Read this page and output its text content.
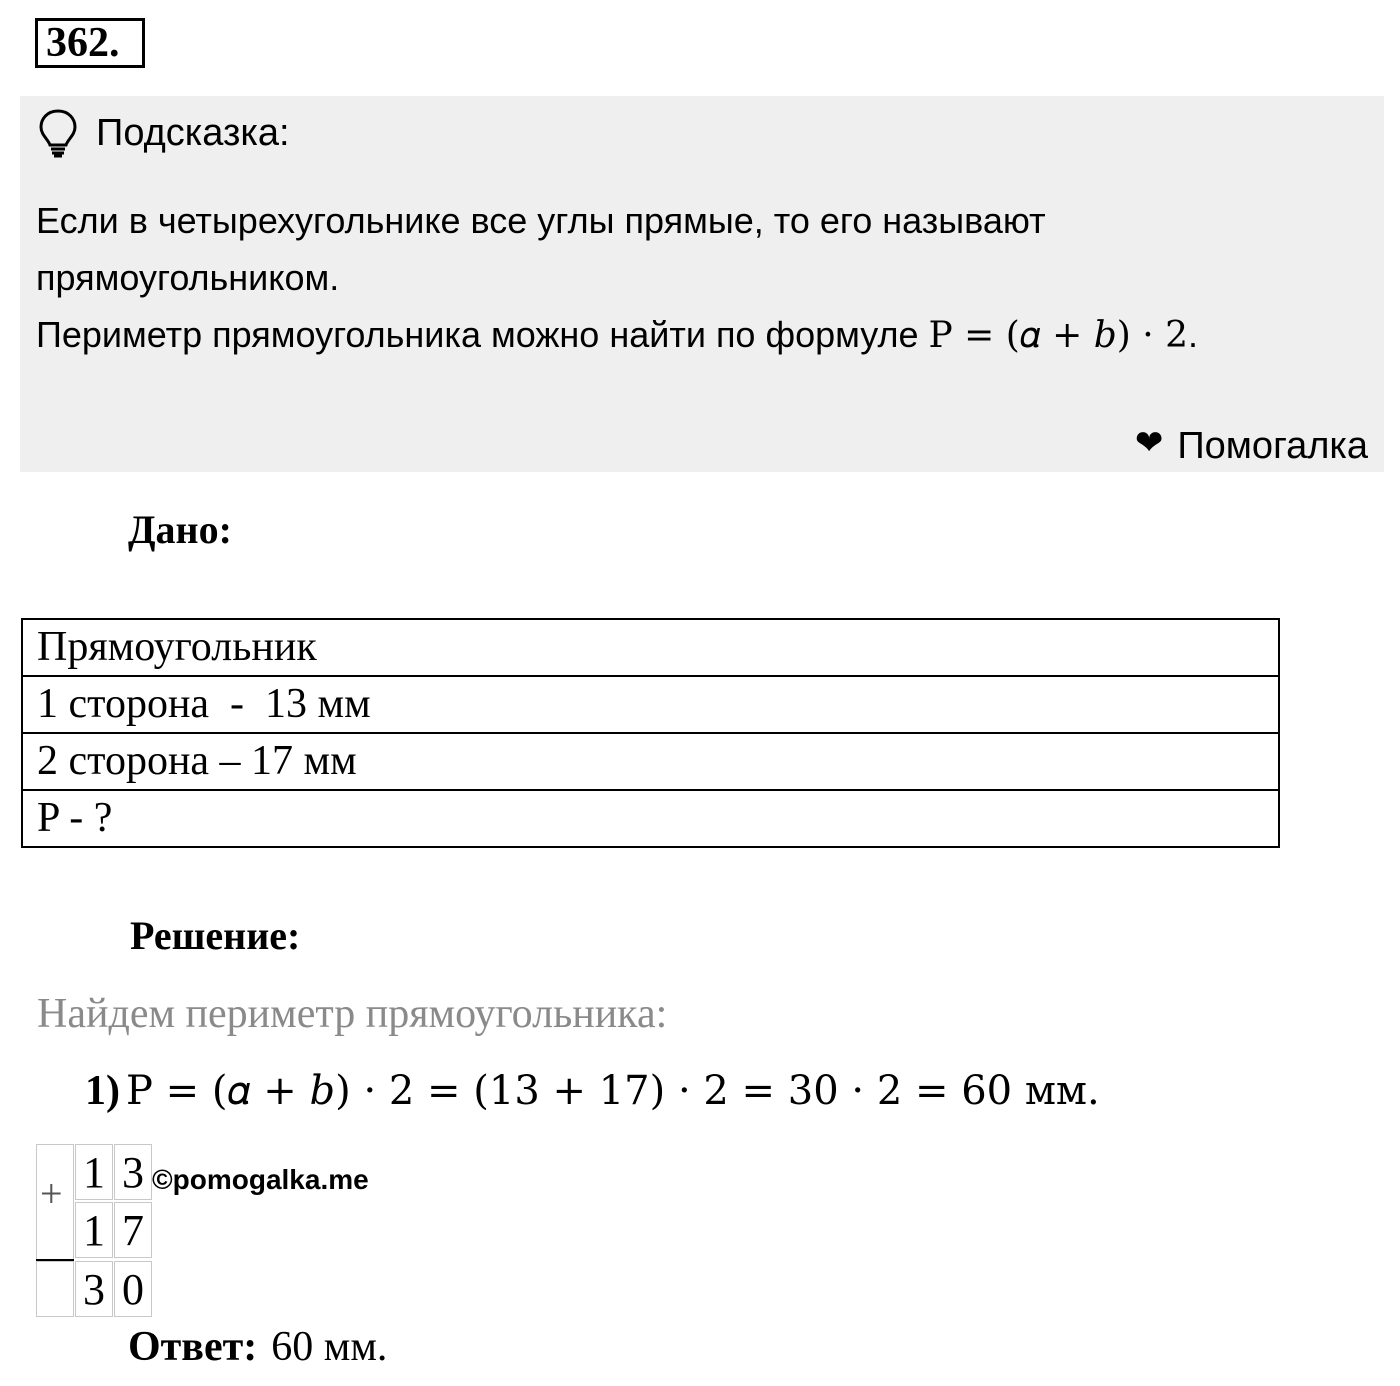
362.
Подсказка:

Если в четырехугольнике все углы прямые, то его называют прямоугольником.

Периметр прямоугольника можно найти по формуле P = (𝛼 + 𝑏) · 2.

❤ Помогалка
Дано:
Прямоугольник
1 сторона  -  13 мм
2 сторона – 17 мм
P - ?
Решение:
Найдем периметр прямоугольника:
1) P = (𝛼 + 𝑏) · 2 = (13 + 17) · 2 = 30 · 2 = 60 мм.
+ 1 3
1 7
3 0
©pomogalka.me
Ответ: 60 мм.
